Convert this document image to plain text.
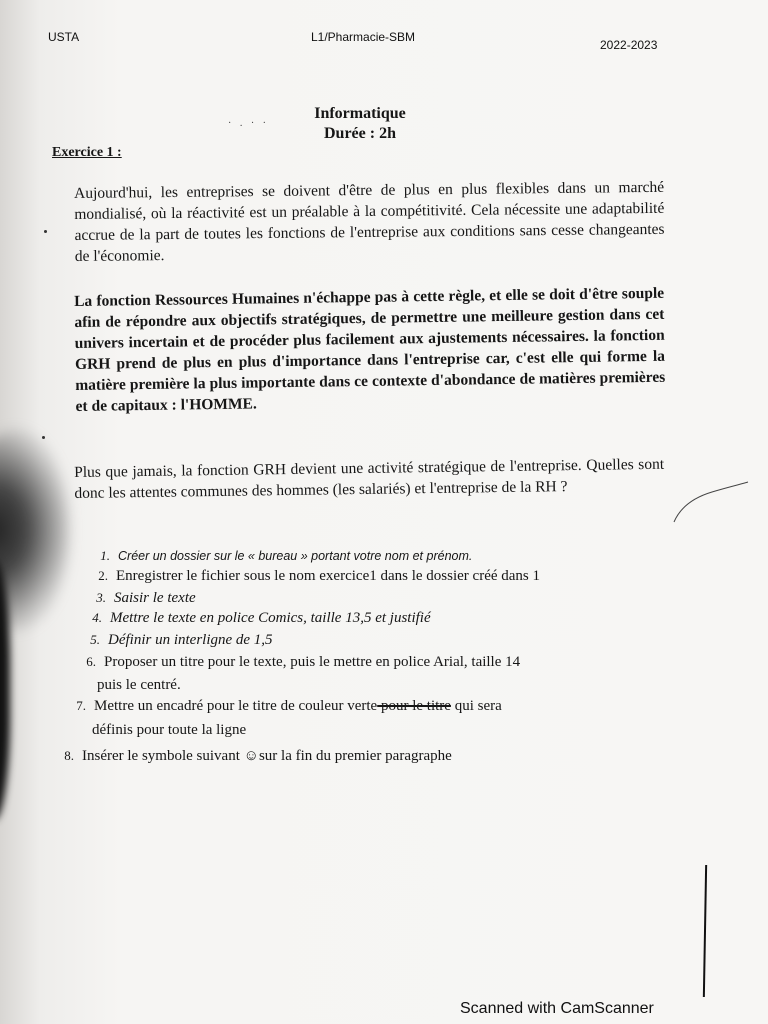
USTA	L1/Pharmacie-SBM
2022-2023
· . · ·
Informatique
Durée : 2h
Exercice 1 :
Aujourd'hui, les entreprises se doivent d'être de plus en plus flexibles dans un marché mondialisé, où la réactivité est un préalable à la compétitivité. Cela nécessite une adaptabilité accrue de la part de toutes les fonctions de l'entreprise aux conditions sans cesse changeantes de l'économie.
La fonction Ressources Humaines n'échappe pas à cette règle, et elle se doit d'être souple afin de répondre aux objectifs stratégiques, de permettre une meilleure gestion dans cet univers incertain et de procéder plus facilement aux ajustements nécessaires. la fonction GRH prend de plus en plus d'importance dans l'entreprise car, c'est elle qui forme la matière première la plus importante dans ce contexte d'abondance de matières premières et de capitaux : l'HOMME.
Plus que jamais, la fonction GRH devient une activité stratégique de l'entreprise. Quelles sont donc les attentes communes des hommes (les salariés) et l'entreprise de la RH ?
1. Créer un dossier sur le « bureau » portant votre nom et prénom.
2. Enregistrer le fichier sous le nom exercice1 dans le dossier créé dans 1
3. Saisir le texte
4. Mettre le texte en police Comics, taille 13,5 et justifié
5. Définir un interligne de 1,5
6. Proposer un titre pour le texte, puis le mettre en police Arial, taille 14
7. Mettre un encadré pour le titre de couleur verte pour le titre qui sera
8. Insérer le symbole suivant ☺sur la fin du premier paragraphe
puis le centré.
définis pour toute la ligne
Scanned with CamScanner
